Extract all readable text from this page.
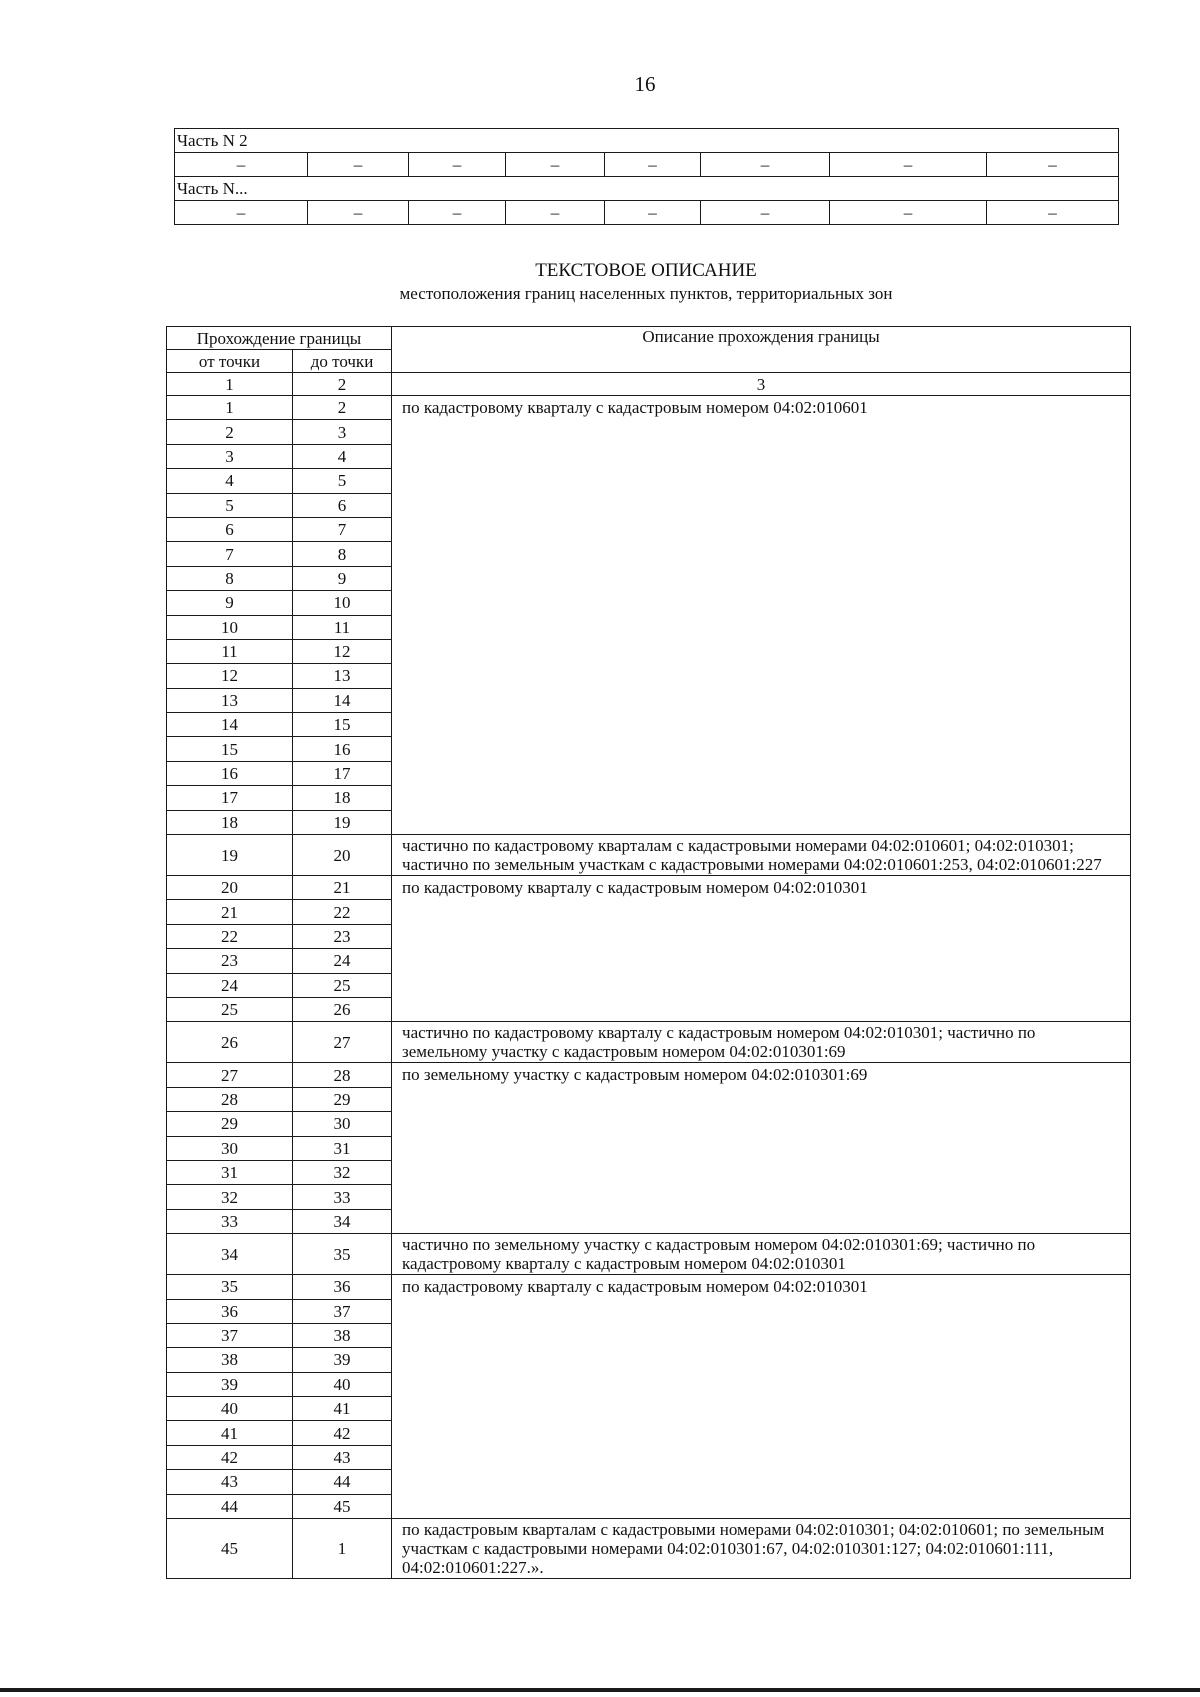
16
Часть N 2							
–	–	–	–	–	–	–	–
Часть N...							
–	–	–	–	–	–	–	–
ТЕКСТОВОЕ ОПИСАНИЕ
местоположения границ населенных пунктов, территориальных зон
Прохождение границы		Описание прохождения границы
от точки	до точки	
1	2	3
1	2	по кадастровому кварталу с кадастровым номером 04:02:010601
2	3	
3	4	
4	5	
5	6	
6	7	
7	8	
8	9	
9	10	
10	11	
11	12	
12	13	
13	14	
14	15	
15	16	
16	17	
17	18	
18	19	
19	20	частично по кадастровому кварталам с кадастровыми номерами 04:02:010601; 04:02:010301; частично по земельным участкам с кадастровыми номерами 04:02:010601:253, 04:02:010601:227
20	21	по кадастровому кварталу с кадастровым номером 04:02:010301
21	22	
22	23	
23	24	
24	25	
25	26	
26	27	частично по кадастровому кварталу с кадастровым номером 04:02:010301; частично по земельному участку с кадастровым номером 04:02:010301:69
27	28	по земельному участку с кадастровым номером 04:02:010301:69
28	29	
29	30	
30	31	
31	32	
32	33	
33	34	
34	35	частично по земельному участку с кадастровым номером 04:02:010301:69; частично по кадастровому кварталу с кадастровым номером 04:02:010301
35	36	по кадастровому кварталу с кадастровым номером 04:02:010301
36	37	
37	38	
38	39	
39	40	
40	41	
41	42	
42	43	
43	44	
44	45	
45	1	по кадастровым кварталам с кадастровыми номерами 04:02:010301; 04:02:010601; по земельным участкам с кадастровыми номерами 04:02:010301:67, 04:02:010301:127; 04:02:010601:111, 04:02:010601:227.».
